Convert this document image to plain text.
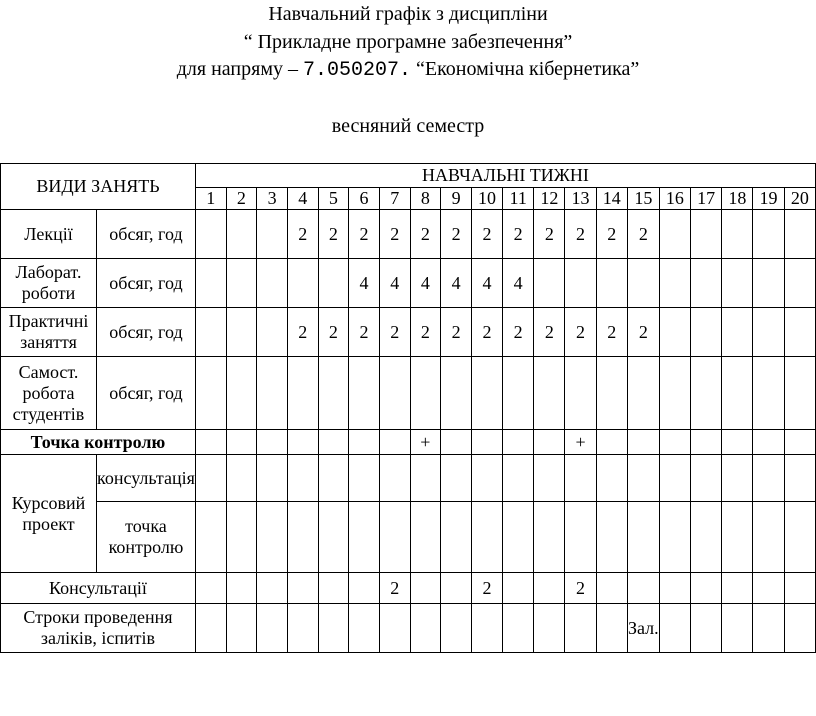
Навчальний графік з дисципліни
“ Прикладне програмне забезпечення”
для напряму – 7.050207. “Економічна кібернетика”
весняний семестр
ВИДИ ЗАНЯТЬ		НАВЧАЛЬНІ ТИЖНІ																			
		1	2	3	4	5	6	7	8	9	10	11	12	13	14	15	16	17	18	19	20
Лекції	обсяг, год				2	2	2	2	2	2	2	2	2	2	2	2					
Лаборат. роботи	обсяг, год						4	4	4	4	4	4									
Практичні заняття	обсяг, год				2	2	2	2	2	2	2	2	2	2	2	2					
Самост. робота студентів	обсяг, год																				
Точка контролю									+					+							
Курсовий проект	консультація																				
	точка контролю																				
Консультації								2			2			2							
Строки проведення заліків, іспитів																Зал.					
